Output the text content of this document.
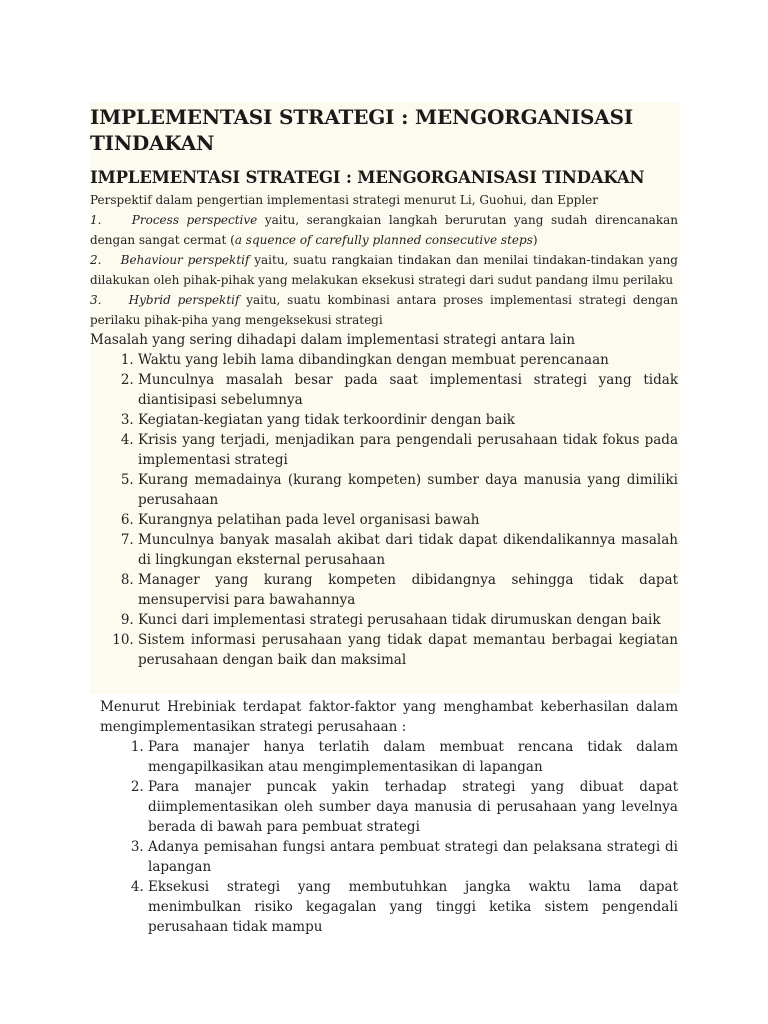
IMPLEMENTASI STRATEGI : MENGORGANISASI TINDAKAN
IMPLEMENTASI STRATEGI : MENGORGANISASI TINDAKAN
Perspektif dalam pengertian implementasi strategi menurut Li, Guohui, dan Eppler
1.	Process perspective yaitu, serangkaian langkah berurutan yang sudah direncanakan dengan sangat cermat (a squence of carefully planned consecutive steps)
2. Behaviour perspektif yaitu, suatu rangkaian tindakan dan menilai tindakan-tindakan yang dilakukan oleh pihak-pihak yang melakukan eksekusi strategi dari sudut pandang ilmu perilaku
3. Hybrid perspektif yaitu, suatu kombinasi antara proses implementasi strategi dengan perilaku pihak-piha yang mengeksekusi strategi
Masalah yang sering dihadapi dalam implementasi strategi antara lain
1. Waktu yang lebih lama dibandingkan dengan membuat perencanaan
2. Munculnya masalah besar pada saat implementasi strategi yang tidak diantisipasi sebelumnya
3. Kegiatan-kegiatan yang tidak terkoordinir dengan baik
4. Krisis yang terjadi, menjadikan para pengendali perusahaan tidak fokus pada implementasi strategi
5. Kurang memadainya (kurang kompeten) sumber daya manusia yang dimiliki perusahaan
6. Kurangnya pelatihan pada level organisasi bawah
7. Munculnya banyak masalah akibat dari tidak dapat dikendalikannya masalah di lingkungan eksternal perusahaan
8. Manager yang kurang kompeten dibidangnya sehingga tidak dapat mensupervisi para bawahannya
9. Kunci dari implementasi strategi perusahaan tidak dirumuskan dengan baik
10. Sistem informasi perusahaan yang tidak dapat memantau berbagai kegiatan perusahaan dengan baik dan maksimal
Menurut Hrebiniak terdapat faktor-faktor yang menghambat keberhasilan dalam mengimplementasikan strategi perusahaan :
1. Para manajer hanya terlatih dalam membuat rencana tidak dalam mengapilkasikan atau mengimplementasikan di lapangan
2. Para manajer puncak yakin terhadap strategi yang dibuat dapat diimplementasikan oleh sumber daya manusia di perusahaan yang levelnya berada di bawah para pembuat strategi
3. Adanya pemisahan fungsi antara pembuat strategi dan pelaksana strategi di lapangan
4. Eksekusi strategi yang membutuhkan jangka waktu lama dapat menimbulkan risiko kegagalan yang tinggi ketika sistem pengendali perusahaan tidak mampu
